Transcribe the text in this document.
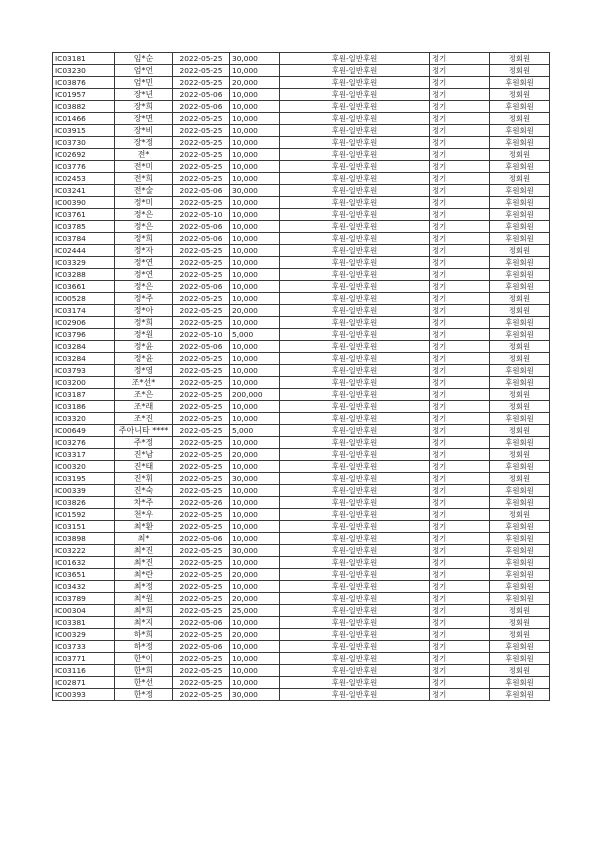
IC03181	임*순	2022-05-25	30,000	후원-일반후원	정기	정회원
IC03230	엄*언	2022-05-25	10,000	후원-일반후원	정기	정회원
IC03876	엄*민	2022-05-25	20,000	후원-일반후원	정기	후원회원
IC01957	장*년	2022-05-06	10,000	후원-일반후원	정기	정회원
IC03882	장*희	2022-05-06	10,000	후원-일반후원	정기	후원회원
IC01466	장*면	2022-05-25	10,000	후원-일반후원	정기	정회원
IC03915	장*비	2022-05-25	10,000	후원-일반후원	정기	후원회원
IC03730	장*정	2022-05-25	10,000	후원-일반후원	정기	후원회원
IC02692	전*	2022-05-25	10,000	후원-일반후원	정기	정회원
IC03776	전*미	2022-05-25	10,000	후원-일반후원	정기	후원회원
IC02453	전*희	2022-05-25	10,000	후원-일반후원	정기	정회원
IC03241	전*술	2022-05-06	30,000	후원-일반후원	정기	후원회원
IC00390	정*미	2022-05-25	10,000	후원-일반후원	정기	후원회원
IC03761	정*은	2022-05-10	10,000	후원-일반후원	정기	후원회원
IC03785	정*은	2022-05-06	10,000	후원-일반후원	정기	후원회원
IC03784	정*희	2022-05-06	10,000	후원-일반후원	정기	후원회원
IC02444	정*자	2022-05-25	10,000	후원-일반후원	정기	정회원
IC03329	정*연	2022-05-25	10,000	후원-일반후원	정기	후원회원
IC03288	정*연	2022-05-25	10,000	후원-일반후원	정기	후원회원
IC03661	정*은	2022-05-06	10,000	후원-일반후원	정기	후원회원
IC00528	정*주	2022-05-25	10,000	후원-일반후원	정기	정회원
IC03174	정*아	2022-05-25	20,000	후원-일반후원	정기	정회원
IC02906	정*희	2022-05-25	10,000	후원-일반후원	정기	후원회원
IC03796	정*원	2022-05-10	5,000	후원-일반후원	정기	후원회원
IC03284	정*윤	2022-05-06	10,000	후원-일반후원	정기	정회원
IC03284	정*윤	2022-05-25	10,000	후원-일반후원	정기	정회원
IC03793	정*영	2022-05-25	10,000	후원-일반후원	정기	후원회원
IC03200	조*선*	2022-05-25	10,000	후원-일반후원	정기	후원회원
IC03187	조*은	2022-05-25	200,000	후원-일반후원	정기	정회원
IC03186	조*래	2022-05-25	10,000	후원-일반후원	정기	정회원
IC03320	조*진	2022-05-25	10,000	후원-일반후원	정기	후원회원
IC00649	주아니타 ****	2022-05-25	5,000	후원-일반후원	정기	정회원
IC03276	주*정	2022-05-25	10,000	후원-일반후원	정기	후원회원
IC03317	진*남	2022-05-25	20,000	후원-일반후원	정기	정회원
IC00320	진*태	2022-05-25	10,000	후원-일반후원	정기	후원회원
IC03195	진*휘	2022-05-25	30,000	후원-일반후원	정기	정회원
IC00339	진*숙	2022-05-25	10,000	후원-일반후원	정기	후원회원
IC03826	차*주	2022-05-26	10,000	후원-일반후원	정기	후원회원
IC01592	천*우	2022-05-25	10,000	후원-일반후원	정기	정회원
IC03151	최*환	2022-05-25	10,000	후원-일반후원	정기	후원회원
IC03898	최*	2022-05-06	10,000	후원-일반후원	정기	후원회원
IC03222	최*진	2022-05-25	30,000	후원-일반후원	정기	후원회원
IC01632	최*진	2022-05-25	10,000	후원-일반후원	정기	후원회원
IC03651	최*란	2022-05-25	20,000	후원-일반후원	정기	후원회원
IC03432	최*정	2022-05-25	10,000	후원-일반후원	정기	후원회원
IC03789	최*원	2022-05-25	20,000	후원-일반후원	정기	후원회원
IC00304	최*희	2022-05-25	25,000	후원-일반후원	정기	정회원
IC03381	최*지	2022-05-06	10,000	후원-일반후원	정기	정회원
IC00329	하*희	2022-05-25	20,000	후원-일반후원	정기	정회원
IC03733	하*정	2022-05-06	10,000	후원-일반후원	정기	후원회원
IC03771	한*이	2022-05-25	10,000	후원-일반후원	정기	후원회원
IC03116	한*희	2022-05-25	10,000	후원-일반후원	정기	정회원
IC02871	한*선	2022-05-25	10,000	후원-일반후원	정기	후원회원
IC00393	한*정	2022-05-25	30,000	후원-일반후원	정기	후원회원
